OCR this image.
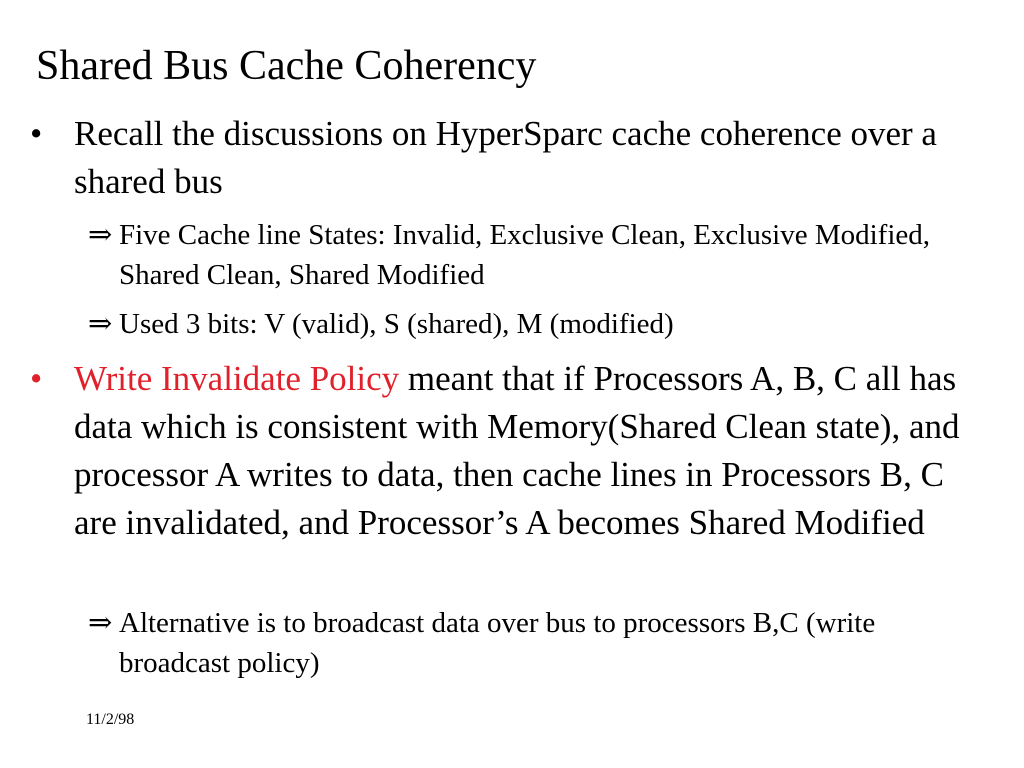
Shared Bus Cache Coherency
• Recall the discussions on HyperSparc cache coherence over a shared bus
⇒ Five Cache line States: Invalid, Exclusive Clean, Exclusive Modified, Shared Clean, Shared Modified
⇒ Used 3 bits: V (valid), S (shared), M (modified)
• Write Invalidate Policy meant that if Processors A, B, C all has data which is consistent with Memory(Shared Clean state), and processor A writes to data, then cache lines in Processors B, C are invalidated, and Processor’s A becomes Shared Modified
⇒ Alternative is to broadcast data over bus to processors B,C (write broadcast policy)
11/2/98
